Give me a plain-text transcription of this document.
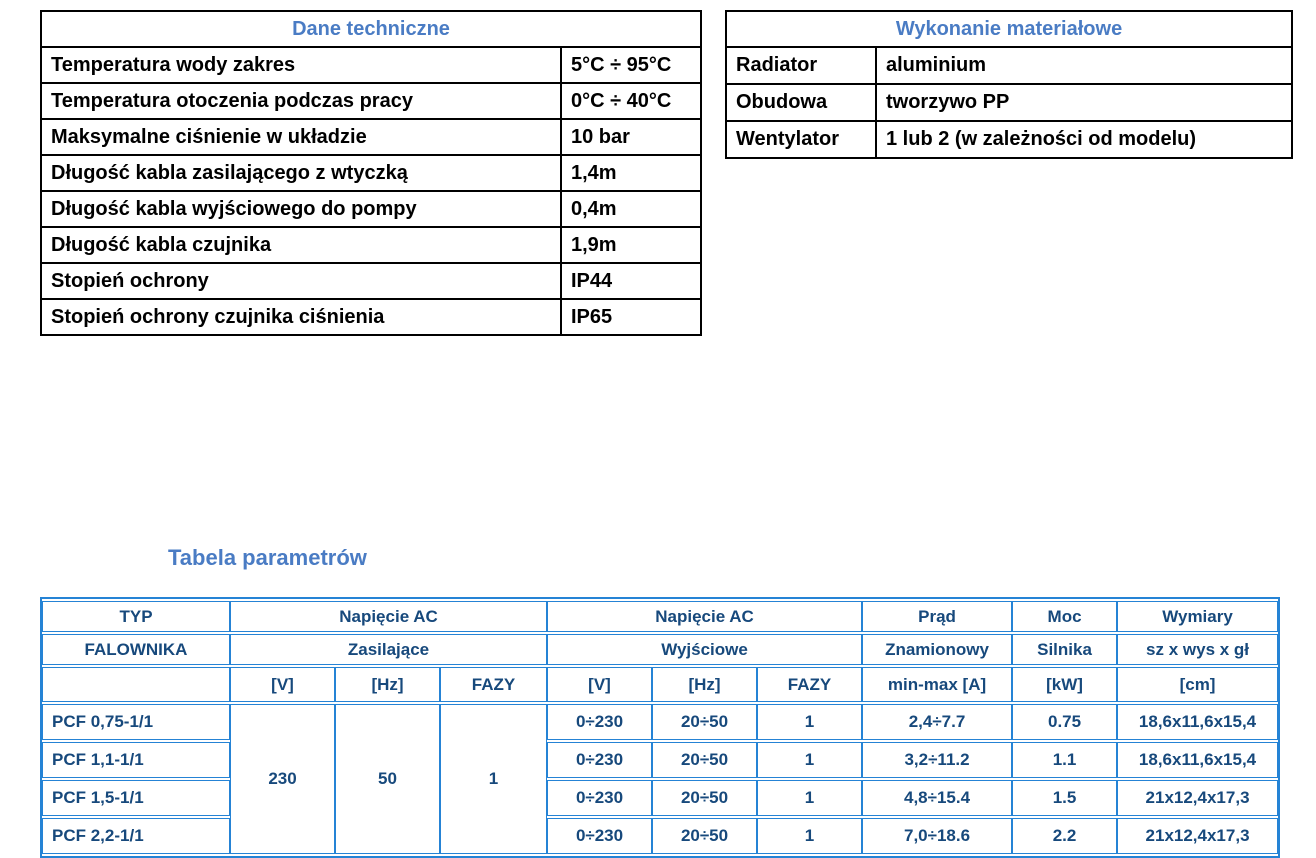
Dane techniczne	
Temperatura wody zakres	5°C ÷ 95°C
Temperatura otoczenia podczas pracy	0°C ÷ 40°C
Maksymalne ciśnienie w układzie	10 bar
Długość kabla zasilającego z wtyczką	1,4m
Długość kabla wyjściowego do pompy	0,4m
Długość kabla czujnika	1,9m
Stopień ochrony	IP44
Stopień ochrony czujnika ciśnienia	IP65
Wykonanie materiałowe	
Radiator	aluminium
Obudowa	tworzywo PP
Wentylator	1 lub 2 (w zależności od modelu)
Tabela parametrów
TYP	Napięcie AC			Napięcie AC			Prąd	Moc	Wymiary
FALOWNIKA	Zasilające			Wyjściowe			Znamionowy	Silnika	sz x wys x gł
	[V]	[Hz]	FAZY	[V]	[Hz]	FAZY	min-max [A]	[kW]	[cm]
PCF 0,75-1/1	230	50	1	0÷230	20÷50	1	2,4÷7.7	0.75	18,6x11,6x15,4
PCF 1,1-1/1				0÷230	20÷50	1	3,2÷11.2	1.1	18,6x11,6x15,4
PCF 1,5-1/1				0÷230	20÷50	1	4,8÷15.4	1.5	21x12,4x17,3
PCF 2,2-1/1				0÷230	20÷50	1	7,0÷18.6	2.2	21x12,4x17,3
